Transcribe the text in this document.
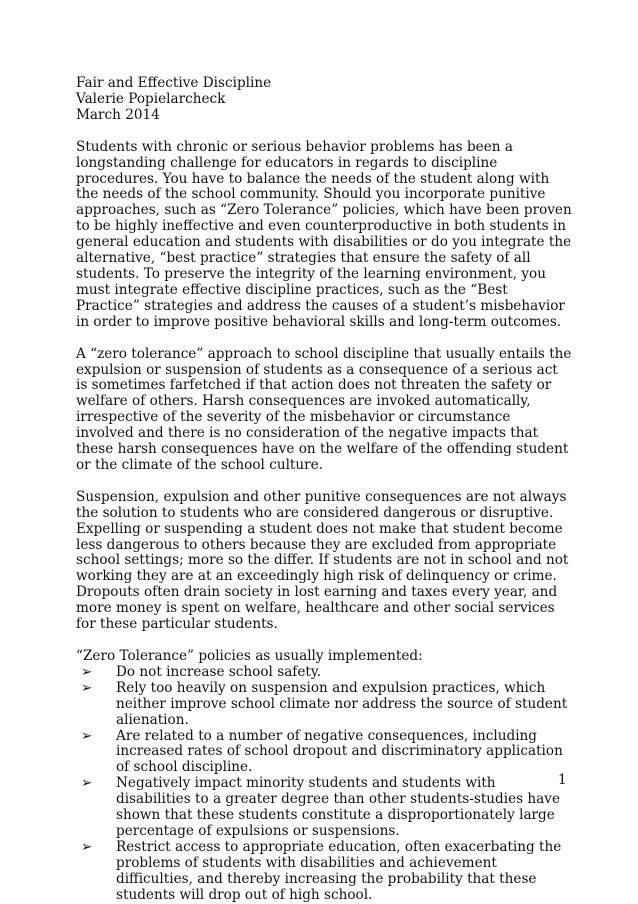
Fair and Effective Discipline
Valerie Popielarcheck
March 2014

Students with chronic or serious behavior problems has been a longstanding challenge for educators in regards to discipline procedures. You have to balance the needs of the student along with the needs of the school community. Should you incorporate punitive approaches, such as “Zero Tolerance” policies, which have been proven to be highly ineffective and even counterproductive in both students in general education and students with disabilities or do you integrate the alternative, “best practice” strategies that ensure the safety of all students. To preserve the integrity of the learning environment, you must integrate effective discipline practices, such as the “Best Practice” strategies and address the causes of a student’s misbehavior in order to improve positive behavioral skills and long-term outcomes.

A “zero tolerance” approach to school discipline that usually entails the expulsion or suspension of students as a consequence of a serious act is sometimes farfetched if that action does not threaten the safety or welfare of others. Harsh consequences are invoked automatically, irrespective of the severity of the misbehavior or circumstance involved and there is no consideration of the negative impacts that these harsh consequences have on the welfare of the offending student or the climate of the school culture.

Suspension, expulsion and other punitive consequences are not always the solution to students who are considered dangerous or disruptive. Expelling or suspending a student does not make that student become less dangerous to others because they are excluded from appropriate school settings; more so the differ. If students are not in school and not working they are at an exceedingly high risk of delinquency or crime. Dropouts often drain society in lost earning and taxes every year, and more money is spent on welfare, healthcare and other social services for these particular students.

“Zero Tolerance” policies as usually implemented:

➢ Do not increase school safety.
➢ Rely too heavily on suspension and expulsion practices, which neither improve school climate nor address the source of student alienation.
➢ Are related to a number of negative consequences, including increased rates of school dropout and discriminatory application of school discipline.
➢ Negatively impact minority students and students with disabilities to a greater degree than other students-studies have shown that these students constitute a disproportionately large percentage of expulsions or suspensions.
➢ Restrict access to appropriate education, often exacerbating the problems of students with disabilities and achievement difficulties, and thereby increasing the probability that these students will drop out of high school.
1
